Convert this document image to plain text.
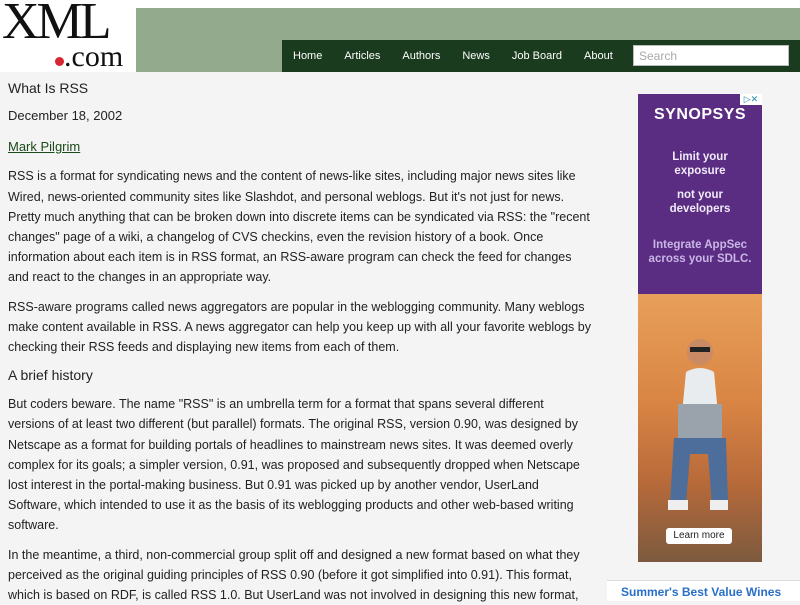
XML
.com	Home	Articles	Authors	News	Job Board	About
Search
What Is RSS
December 18, 2002
Mark Pilgrim

RSS is a format for syndicating news and the content of news-like sites, including major news sites like Wired, news-oriented community sites like Slashdot, and personal weblogs. But it's not just for news. Pretty much anything that can be broken down into discrete items can be syndicated via RSS: the "recent changes" page of a wiki, a changelog of CVS checkins, even the revision history of a book. Once information about each item is in RSS format, an RSS-aware program can check the feed for changes and react to the changes in an appropriate way.

RSS-aware programs called news aggregators are popular in the weblogging community. Many weblogs make content available in RSS. A news aggregator can help you keep up with all your favorite weblogs by checking their RSS feeds and displaying new items from each of them.

A brief history

But coders beware. The name "RSS" is an umbrella term for a format that spans several different versions of at least two different (but parallel) formats. The original RSS, version 0.90, was designed by Netscape as a format for building portals of headlines to mainstream news sites. It was deemed overly complex for its goals; a simpler version, 0.91, was proposed and subsequently dropped when Netscape lost interest in the portal-making business. But 0.91 was picked up by another vendor, UserLand Software, which intended to use it as the basis of its weblogging products and other web-based writing software.

In the meantime, a third, non-commercial group split off and designed a new format based on what they perceived as the original guiding principles of RSS 0.90 (before it got simplified into 0.91). This format, which is based on RDF, is called RSS 1.0. But UserLand was not involved in designing this new format,

▷✕
SYNOPSYS
Limit your
exposure
not your
developers
Integrate AppSec
across your SDLC.
Learn more
Summer's Best Value Wines
